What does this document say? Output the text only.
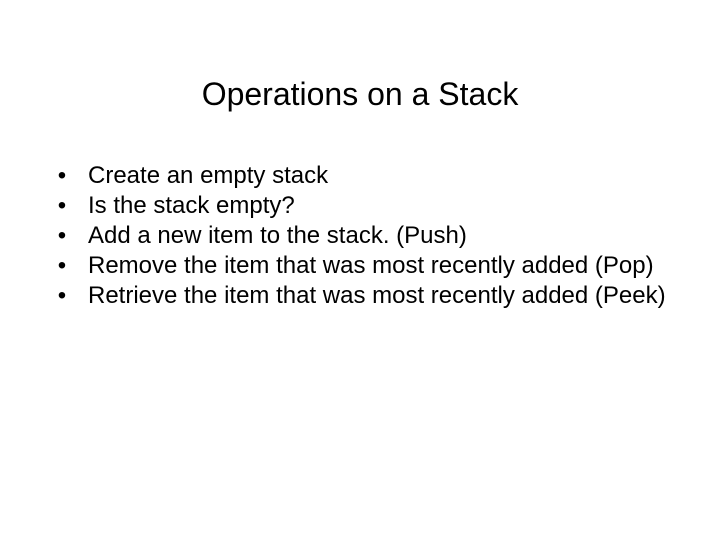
Operations on a Stack
• Create an empty stack
• Is the stack empty?
• Add a new item to the stack. (Push)
• Remove the item that was most recently added (Pop)
• Retrieve the item that was most recently added (Peek)
